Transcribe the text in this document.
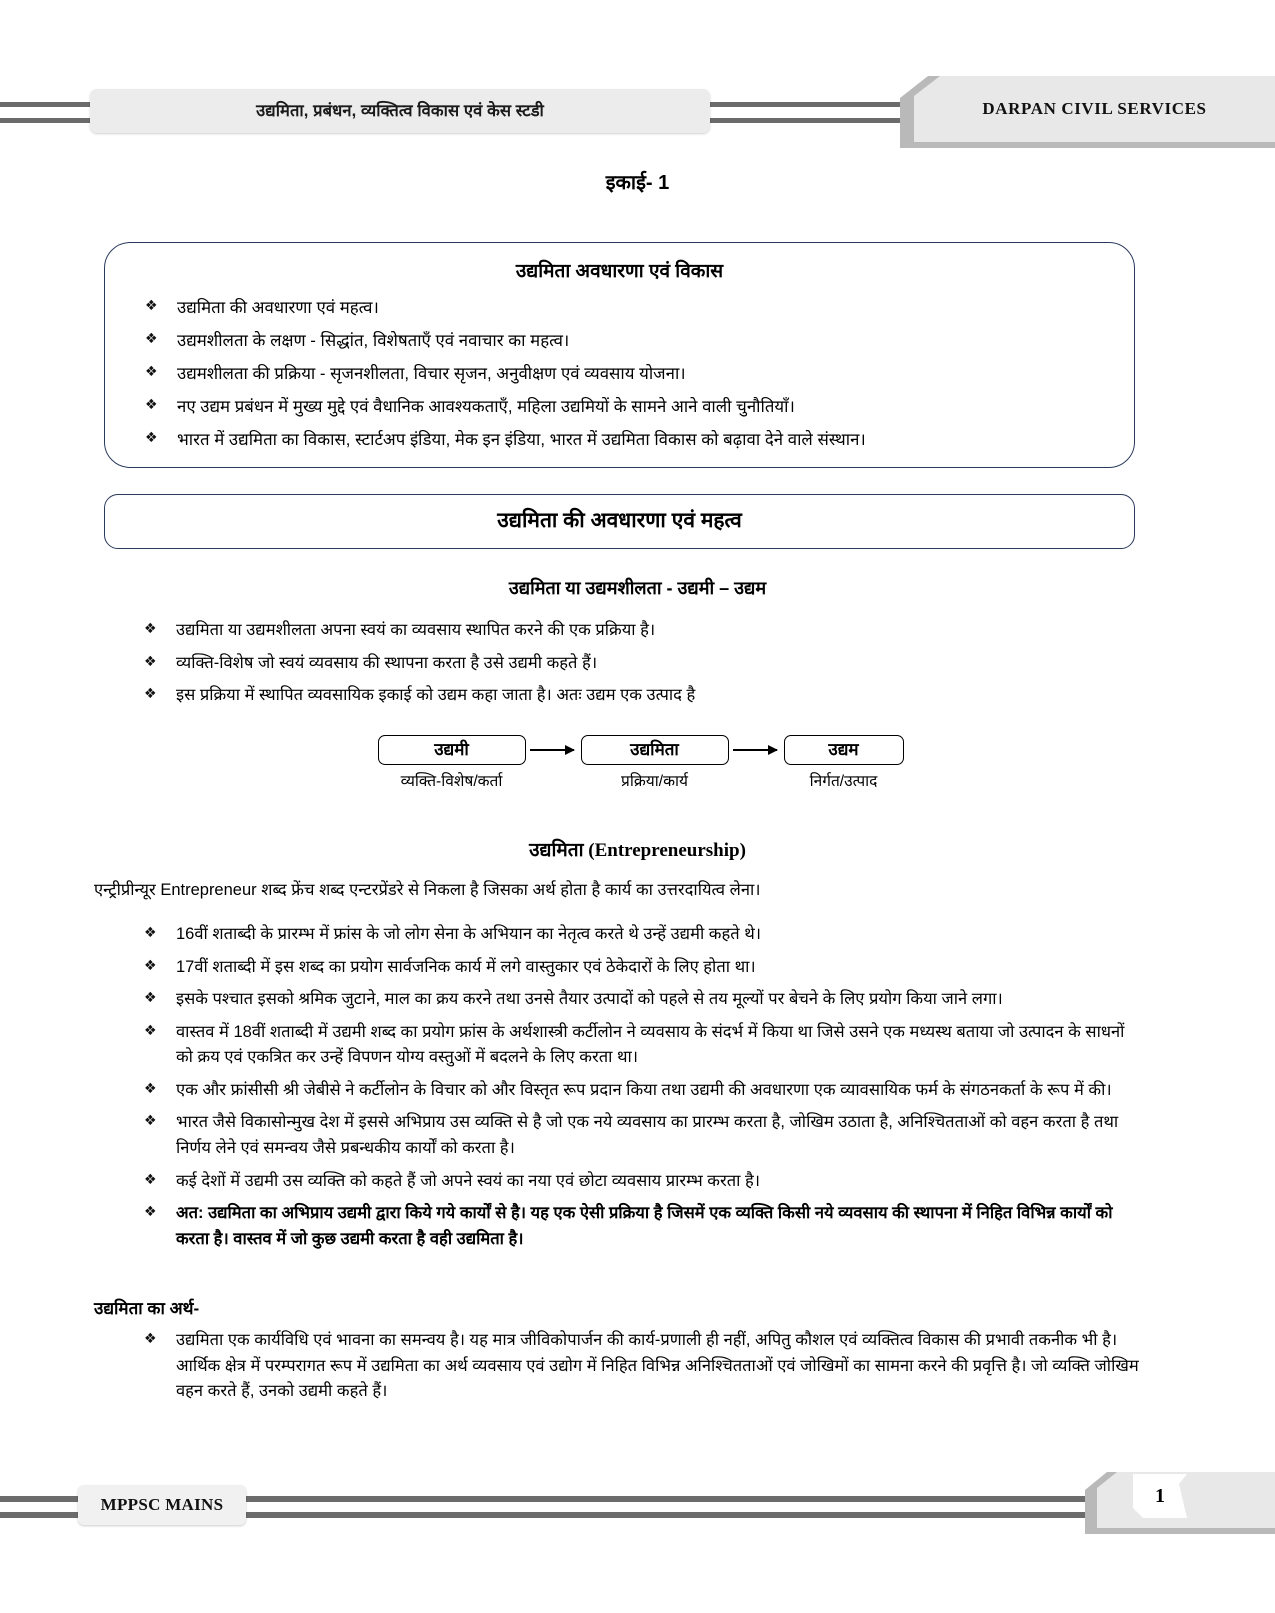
उद्यमिता, प्रबंधन, व्यक्तित्व विकास एवं केस स्टडी	DARPAN CIVIL SERVICES
इकाई- 1
उद्यमिता अवधारणा एवं विकास
❖ उद्यमिता की अवधारणा एवं महत्व।
❖ उद्यमशीलता के लक्षण - सिद्धांत, विशेषताएँ एवं नवाचार का महत्व।
❖ उद्यमशीलता की प्रक्रिया - सृजनशीलता, विचार सृजन, अनुवीक्षण एवं व्यवसाय योजना।
❖ नए उद्यम प्रबंधन में मुख्य मुद्दे एवं वैधानिक आवश्यकताएँ, महिला उद्यमियों के सामने आने वाली चुनौतियाँ।
❖ भारत में उद्यमिता का विकास, स्टार्टअप इंडिया, मेक इन इंडिया, भारत में उद्यमिता विकास को बढ़ावा देने वाले संस्थान।
उद्यमिता की अवधारणा एवं महत्व
उद्यमिता या उद्यमशीलता - उद्यमी – उद्यम
❖ उद्यमिता या उद्यमशीलता अपना स्वयं का व्यवसाय स्थापित करने की एक प्रक्रिया है।
❖ व्यक्ति-विशेष जो स्वयं व्यवसाय की स्थापना करता है उसे उद्यमी कहते हैं।
❖ इस प्रक्रिया में स्थापित व्यवसायिक इकाई को उद्यम कहा जाता है। अतः उद्यम एक उत्पाद है
उद्यमी	उद्यमिता	उद्यम
व्यक्ति-विशेष/कर्ता	प्रक्रिया/कार्य	निर्गत/उत्पाद
उद्यमिता (Entrepreneurship)
एन्ट्रीप्रीन्यूर Entrepreneur शब्द फ्रेंच शब्द एन्टरप्रेंडरे से निकला है जिसका अर्थ होता है कार्य का उत्तरदायित्व लेना।
❖ 16वीं शताब्दी के प्रारम्भ में फ्रांस के जो लोग सेना के अभियान का नेतृत्व करते थे उन्हें उद्यमी कहते थे।
❖ 17वीं शताब्दी में इस शब्द का प्रयोग सार्वजनिक कार्य में लगे वास्तुकार एवं ठेकेदारों के लिए होता था।
❖ इसके पश्चात इसको श्रमिक जुटाने, माल का क्रय करने तथा उनसे तैयार उत्पादों को पहले से तय मूल्यों पर बेचने के लिए प्रयोग किया जाने लगा।
❖ वास्तव में 18वीं शताब्दी में उद्यमी शब्द का प्रयोग फ्रांस के अर्थशास्त्री कर्टीलोन ने व्यवसाय के संदर्भ में किया था जिसे उसने एक मध्यस्थ बताया जो उत्पादन के साधनों को क्रय एवं एकत्रित कर उन्हें विपणन योग्य वस्तुओं में बदलने के लिए करता था।
❖ एक और फ्रांसीसी श्री जेबीसे ने कर्टीलोन के विचार को और विस्तृत रूप प्रदान किया तथा उद्यमी की अवधारणा एक व्यावसायिक फर्म के संगठनकर्ता के रूप में की।
❖ भारत जैसे विकासोन्मुख देश में इससे अभिप्राय उस व्यक्ति से है जो एक नये व्यवसाय का प्रारम्भ करता है, जोखिम उठाता है, अनिश्चितताओं को वहन करता है तथा निर्णय लेने एवं समन्वय जैसे प्रबन्धकीय कार्यों को करता है।
❖ कई देशों में उद्यमी उस व्यक्ति को कहते हैं जो अपने स्वयं का नया एवं छोटा व्यवसाय प्रारम्भ करता है।
❖ अत: उद्यमिता का अभिप्राय उद्यमी द्वारा किये गये कार्यों से है। यह एक ऐसी प्रक्रिया है जिसमें एक व्यक्ति किसी नये व्यवसाय की स्थापना में निहित विभिन्न कार्यों को करता है। वास्तव में जो कुछ उद्यमी करता है वही उद्यमिता है।
उद्यमिता का अर्थ-
❖ उद्यमिता एक कार्यविधि एवं भावना का समन्वय है। यह मात्र जीविकोपार्जन की कार्य-प्रणाली ही नहीं, अपितु कौशल एवं व्यक्तित्व विकास की प्रभावी तकनीक भी है। आर्थिक क्षेत्र में परम्परागत रूप में उद्यमिता का अर्थ व्यवसाय एवं उद्योग में निहित विभिन्न अनिश्चितताओं एवं जोखिमों का सामना करने की प्रवृत्ति है। जो व्यक्ति जोखिम वहन करते हैं, उनको उद्यमी कहते हैं।
MPPSC MAINS	1
